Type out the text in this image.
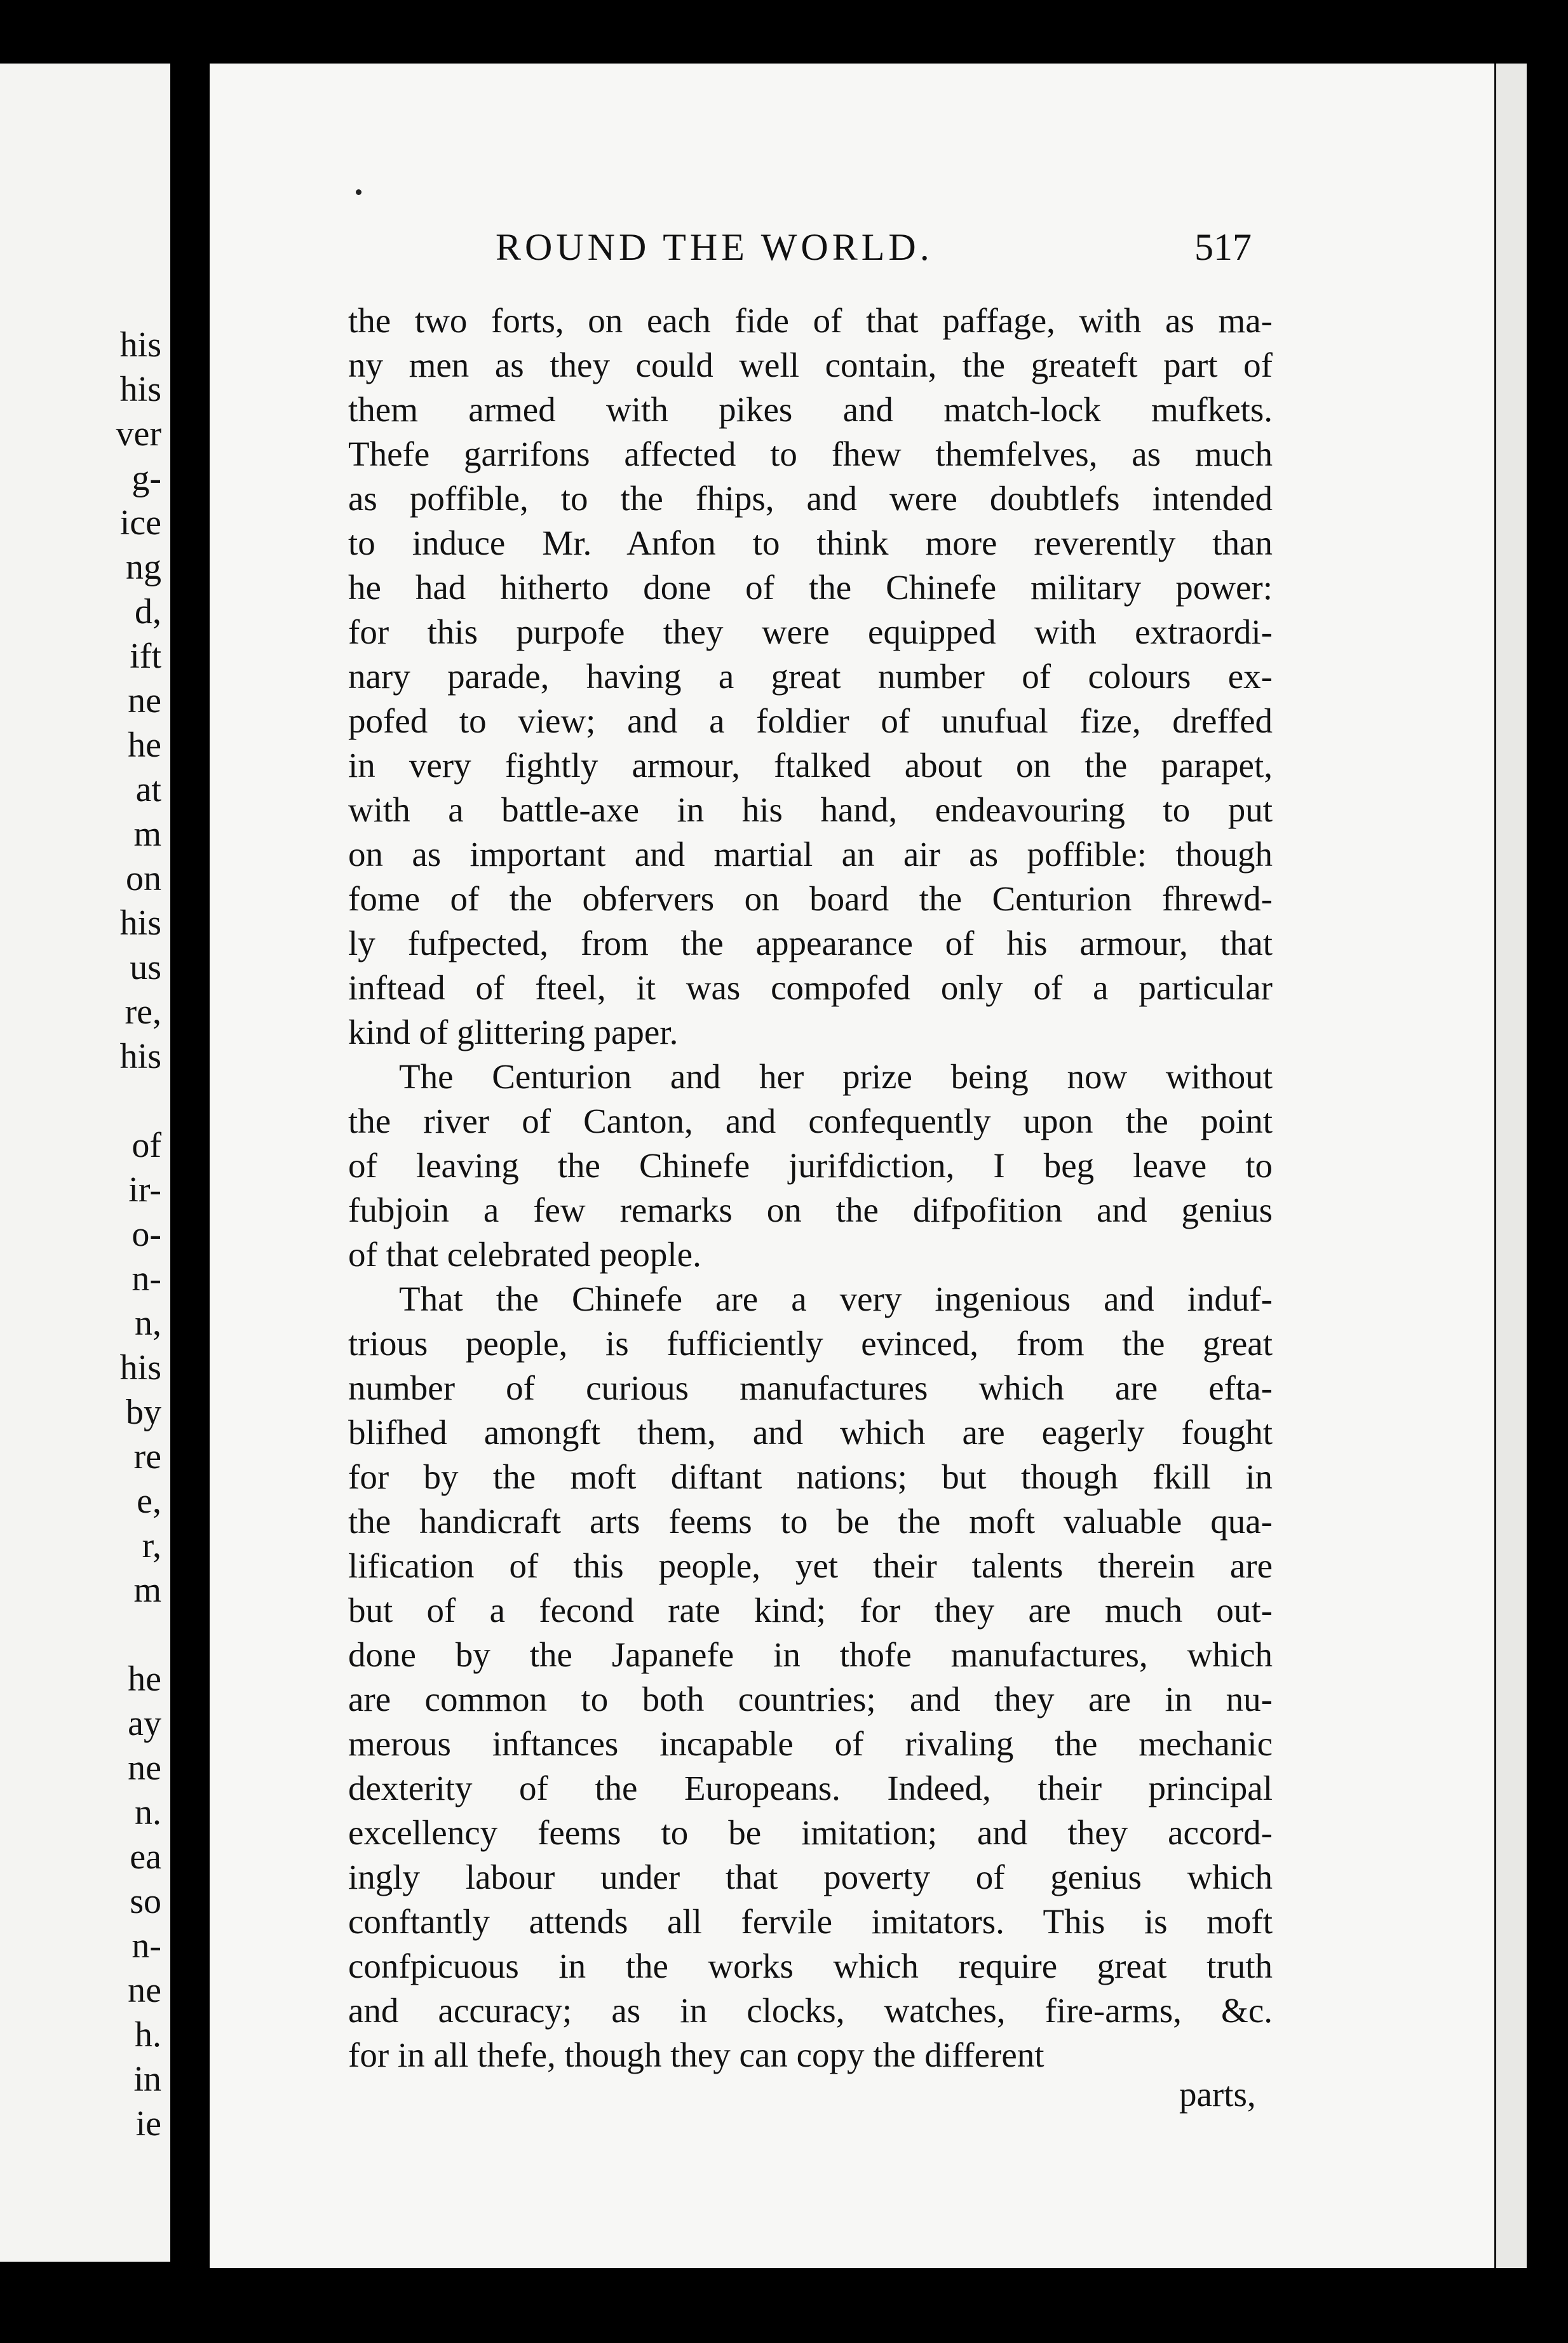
his
his
ver
g-
ice
ng
d,
ift
ne
he
at
m
on
his
us
re,
his
of
ir-
o-
n-
n,
his
by
re
e,
r,
m
he
ay
ne
n.
ea
so
n-
ne
h.
in
ie
ROUND THE WORLD.	517
the two forts, on each fide of that paffage, with as ma-
ny men as they could well contain, the greateft part of
them armed with pikes and match-lock mufkets.
Thefe garrifons affected to fhew themfelves, as much
as poffible, to the fhips, and were doubtlefs intended
to induce Mr. Anfon to think more reverently than
he had hitherto done of the Chinefe military power:
for this purpofe they were equipped with extraordi-
nary parade, having a great number of colours ex-
pofed to view; and a foldier of unufual fize, dreffed
in very fightly armour, ftalked about on the parapet,
with a battle-axe in his hand, endeavouring to put
on as important and martial an air as poffible: though
fome of the obfervers on board the Centurion fhrewd-
ly fufpected, from the appearance of his armour, that
inftead of fteel, it was compofed only of a particular
kind of glittering paper.
The Centurion and her prize being now without
the river of Canton, and confequently upon the point
of leaving the Chinefe jurifdiction, I beg leave to
fubjoin a few remarks on the difpofition and genius
of that celebrated people.
That the Chinefe are a very ingenious and induf-
trious people, is fufficiently evinced, from the great
number of curious manufactures which are efta-
blifhed amongft them, and which are eagerly fought
for by the moft diftant nations; but though fkill in
the handicraft arts feems to be the moft valuable qua-
lification of this people, yet their talents therein are
but of a fecond rate kind; for they are much out-
done by the Japanefe in thofe manufactures, which
are common to both countries; and they are in nu-
merous inftances incapable of rivaling the mechanic
dexterity of the Europeans. Indeed, their principal
excellency feems to be imitation; and they accord-
ingly labour under that poverty of genius which
conftantly attends all fervile imitators. This is moft
confpicuous in the works which require great truth
and accuracy; as in clocks, watches, fire-arms, &c.
for in all thefe, though they can copy the different
parts,
